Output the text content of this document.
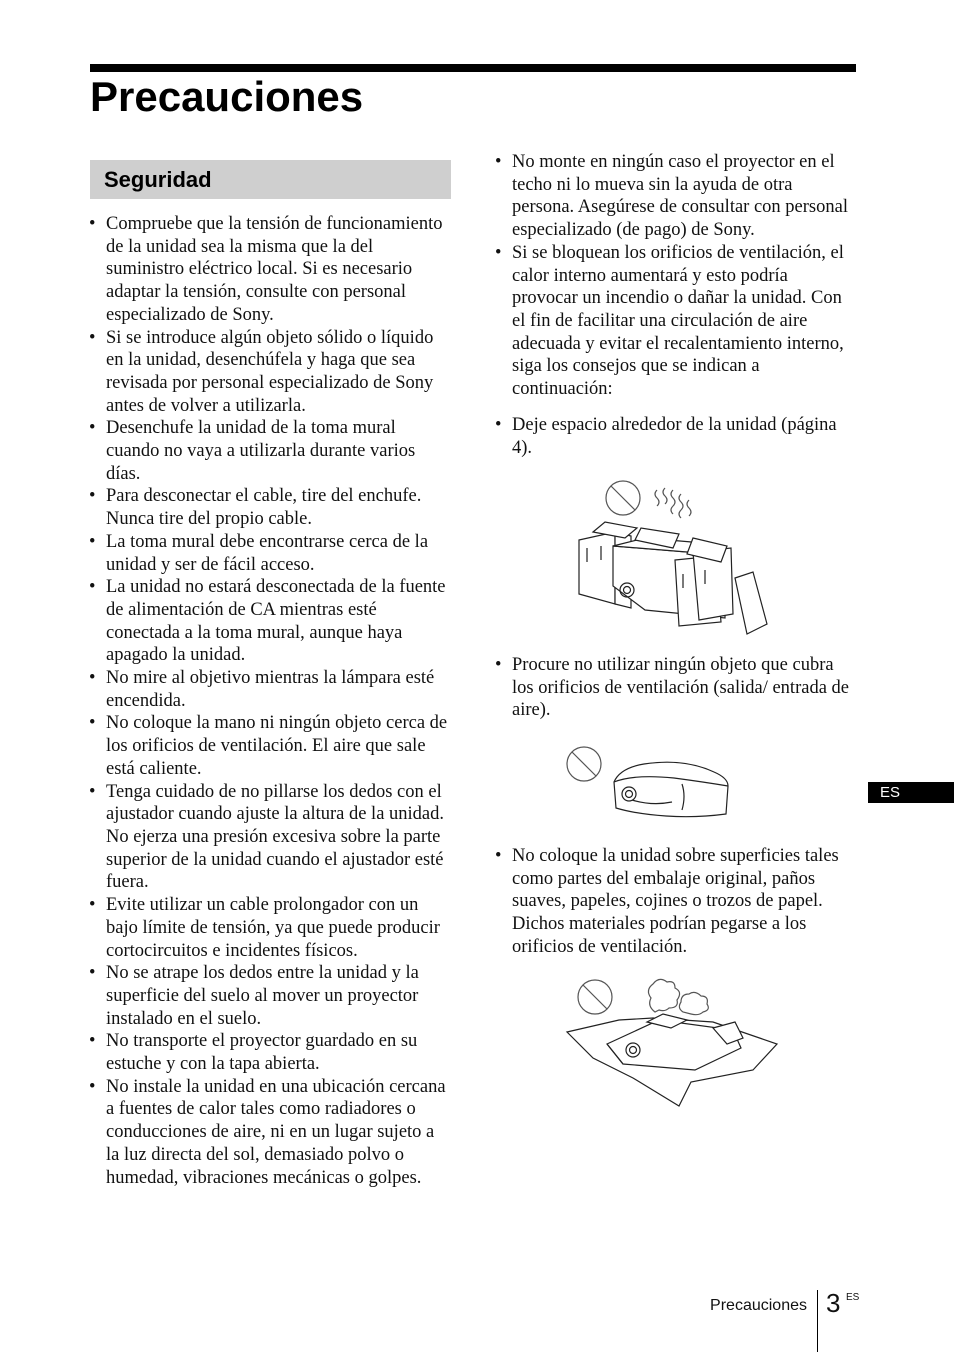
Precauciones
Seguridad
• Compruebe que la tensión de funcionamiento de la unidad sea la misma que la del suministro eléctrico local. Si es necesario adaptar la tensión, consulte con personal especializado de Sony.
• Si se introduce algún objeto sólido o líquido en la unidad, desenchúfela y haga que sea revisada por personal especializado de Sony antes de volver a utilizarla.
• Desenchufe la unidad de la toma mural cuando no vaya a utilizarla durante varios días.
• Para desconectar el cable, tire del enchufe. Nunca tire del propio cable.
• La toma mural debe encontrarse cerca de la unidad y ser de fácil acceso.
• La unidad no estará desconectada de la fuente de alimentación de CA mientras esté conectada a la toma mural, aunque haya apagado la unidad.
• No mire al objetivo mientras la lámpara esté encendida.
• No coloque la mano ni ningún objeto cerca de los orificios de ventilación. El aire que sale está caliente.
• Tenga cuidado de no pillarse los dedos con el ajustador cuando ajuste la altura de la unidad. No ejerza una presión excesiva sobre la parte superior de la unidad cuando el ajustador esté fuera.
• Evite utilizar un cable prolongador con un bajo límite de tensión, ya que puede producir cortocircuitos e incidentes físicos.
• No se atrape los dedos entre la unidad y la superficie del suelo al mover un proyector instalado en el suelo.
• No transporte el proyector guardado en su estuche y con la tapa abierta.
• No instale la unidad en una ubicación cercana a fuentes de calor tales como radiadores o conducciones de aire, ni en un lugar sujeto a la luz directa del sol, demasiado polvo o humedad, vibraciones mecánicas o golpes.
• No monte en ningún caso el proyector en el techo ni lo mueva sin la ayuda de otra persona. Asegúrese de consultar con personal especializado (de pago) de Sony.
• Si se bloquean los orificios de ventilación, el calor interno aumentará y esto podría provocar un incendio o dañar la unidad. Con el fin de facilitar una circulación de aire adecuada y evitar el recalentamiento interno, siga los consejos que se indican a continuación:
• Deje espacio alrededor de la unidad (página 4).
• Procure no utilizar ningún objeto que cubra los orificios de ventilación (salida/ entrada de aire).
• No coloque la unidad sobre superficies tales como partes del embalaje original, paños suaves, papeles, cojines o trozos de papel. Dichos materiales podrían pegarse a los orificios de ventilación.
ES
Precauciones 3 ES
